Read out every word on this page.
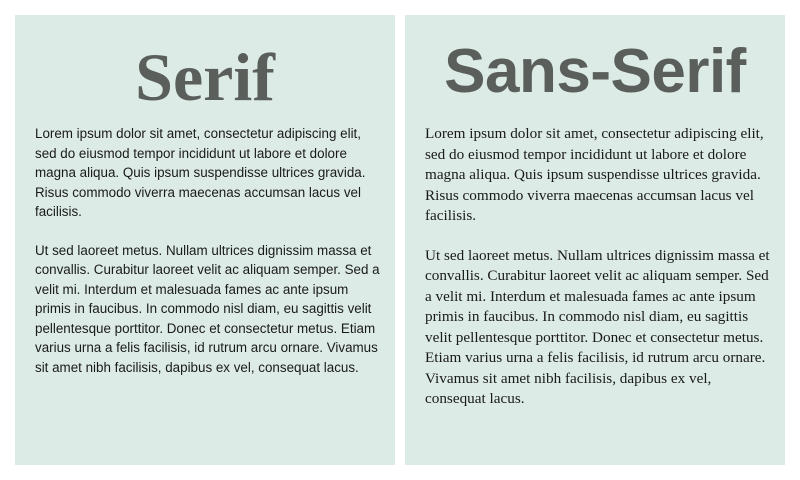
Serif

Lorem ipsum dolor sit amet, consectetur adipiscing elit, sed do eiusmod tempor incididunt ut labore et dolore magna aliqua. Quis ipsum suspendisse ultrices gravida. Risus commodo viverra maecenas accumsan lacus vel facilisis.

Ut sed laoreet metus. Nullam ultrices dignissim massa et convallis. Curabitur laoreet velit ac aliquam semper. Sed a velit mi. Interdum et malesuada fames ac ante ipsum primis in faucibus. In commodo nisl diam, eu sagittis velit pellentesque porttitor. Donec et consectetur metus. Etiam varius urna a felis facilisis, id rutrum arcu ornare. Vivamus sit amet nibh facilisis, dapibus ex vel, consequat lacus.

Sans-Serif

Lorem ipsum dolor sit amet, consectetur adipiscing elit, sed do eiusmod tempor incididunt ut labore et dolore magna aliqua. Quis ipsum suspendisse ultrices gravida. Risus commodo viverra maecenas accumsan lacus vel facilisis.

Ut sed laoreet metus. Nullam ultrices dignissim massa et convallis. Curabitur laoreet velit ac aliquam semper. Sed a velit mi. Interdum et malesuada fames ac ante ipsum primis in faucibus. In commodo nisl diam, eu sagittis velit pellentesque porttitor. Donec et consectetur metus. Etiam varius urna a felis facilisis, id rutrum arcu ornare. Vivamus sit amet nibh facilisis, dapibus ex vel, consequat lacus.
